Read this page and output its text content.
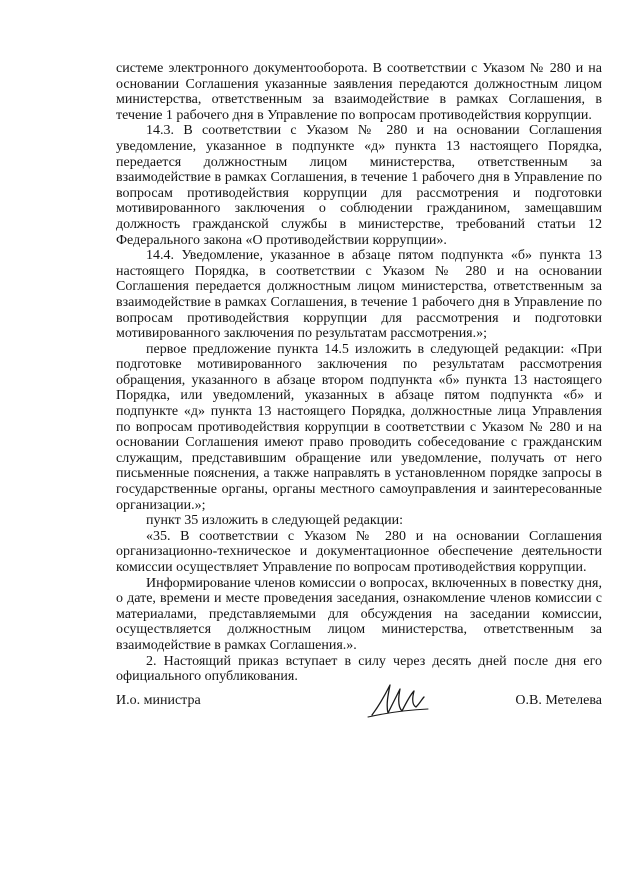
системе электронного документооборота. В соответствии с Указом № 280 и на основании Соглашения указанные заявления передаются должностным лицом министерства, ответственным за взаимодействие в рамках Соглашения, в течение 1 рабочего дня в Управление по вопросам противодействия коррупции.

14.3. В соответствии с Указом № 280 и на основании Соглашения уведомление, указанное в подпункте «д» пункта 13 настоящего Порядка, передается должностным лицом министерства, ответственным за взаимодействие в рамках Соглашения, в течение 1 рабочего дня в Управление по вопросам противодействия коррупции для рассмотрения и подготовки мотивированного заключения о соблюдении гражданином, замещавшим должность гражданской службы в министерстве, требований статьи 12 Федерального закона «О противодействии коррупции».

14.4. Уведомление, указанное в абзаце пятом подпункта «б» пункта 13 настоящего Порядка, в соответствии с Указом № 280 и на основании Соглашения передается должностным лицом министерства, ответственным за взаимодействие в рамках Соглашения, в течение 1 рабочего дня в Управление по вопросам противодействия коррупции для рассмотрения и подготовки мотивированного заключения по результатам рассмотрения.»;

первое предложение пункта 14.5 изложить в следующей редакции: «При подготовке мотивированного заключения по результатам рассмотрения обращения, указанного в абзаце втором подпункта «б» пункта 13 настоящего Порядка, или уведомлений, указанных в абзаце пятом подпункта «б» и подпункте «д» пункта 13 настоящего Порядка, должностные лица Управления по вопросам противодействия коррупции в соответствии с Указом № 280 и на основании Соглашения имеют право проводить собеседование с гражданским служащим, представившим обращение или уведомление, получать от него письменные пояснения, а также направлять в установленном порядке запросы в государственные органы, органы местного самоуправления и заинтересованные организации.»;

пункт 35 изложить в следующей редакции:

«35. В соответствии с Указом № 280 и на основании Соглашения организационно-техническое и документационное обеспечение деятельности комиссии осуществляет Управление по вопросам противодействия коррупции.

Информирование членов комиссии о вопросах, включенных в повестку дня, о дате, времени и месте проведения заседания, ознакомление членов комиссии с материалами, представляемыми для обсуждения на заседании комиссии, осуществляется должностным лицом министерства, ответственным за взаимодействие в рамках Соглашения.».

2. Настоящий приказ вступает в силу через десять дней после дня его официального опубликования.

И.о. министра	О.В. Метелева
